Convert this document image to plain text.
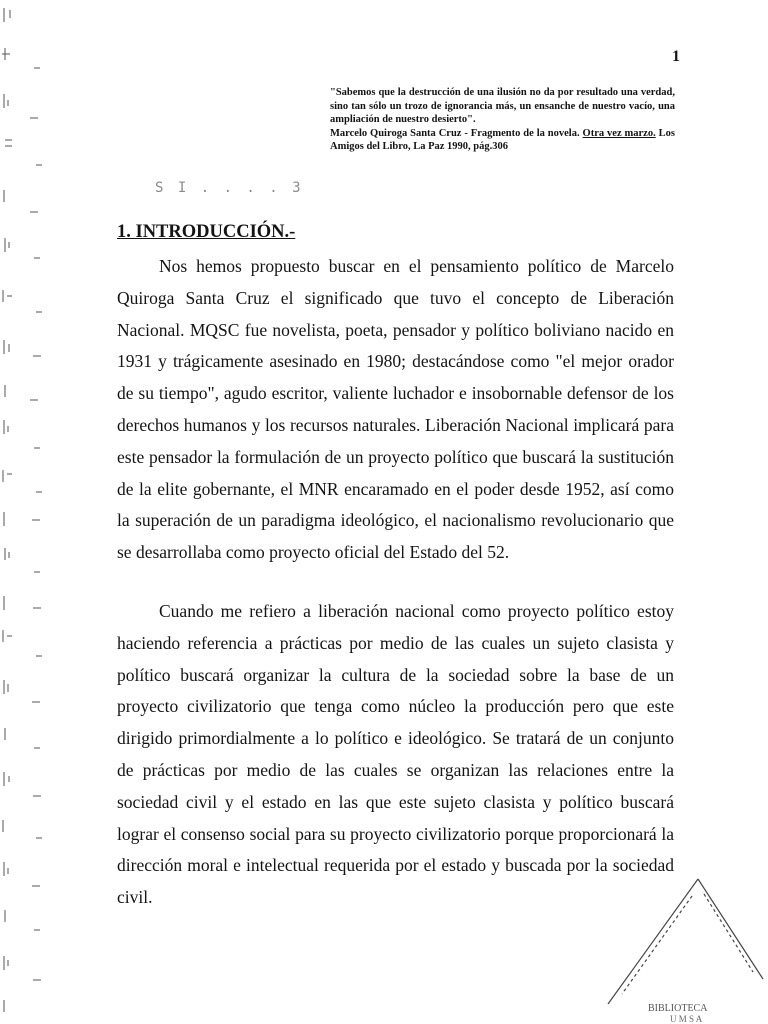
1

"Sabemos que la destrucción de una ilusión no da por resultado una verdad, sino tan sólo un trozo de ignorancia más, un ensanche de nuestro vacío, una ampliación de nuestro desierto".

Marcelo Quiroga Santa Cruz - Fragmento de la novela. Otra vez marzo. Los Amigos del Libro, La Paz 1990, pág.306

S I . . . . 3
1. INTRODUCCIÓN.-

Nos hemos propuesto buscar en el pensamiento político de Marcelo Quiroga Santa Cruz el significado que tuvo el concepto de Liberación Nacional. MQSC fue novelista, poeta, pensador y político boliviano nacido en 1931 y trágicamente asesinado en 1980; destacándose como "el mejor orador de su tiempo", agudo escritor, valiente luchador e insobornable defensor de los derechos humanos y los recursos naturales. Liberación Nacional implicará para este pensador la formulación de un proyecto político que buscará la sustitución de la elite gobernante, el MNR encaramado en el poder desde 1952, así como la superación de un paradigma ideológico, el nacionalismo revolucionario que se desarrollaba como proyecto oficial del Estado del 52.

Cuando me refiero a liberación nacional como proyecto político estoy haciendo referencia a prácticas por medio de las cuales un sujeto clasista y político buscará organizar la cultura de la sociedad sobre la base de un proyecto civilizatorio que tenga como núcleo la producción pero que este dirigido primordialmente a lo político e ideológico. Se tratará de un conjunto de prácticas por medio de las cuales se organizan las relaciones entre la sociedad civil y el estado en las que este sujeto clasista y político buscará lograr el consenso social para su proyecto civilizatorio porque proporcionará la dirección moral e intelectual requerida por el estado y buscada por la sociedad civil.

BIBLIOTECA
U M S A
